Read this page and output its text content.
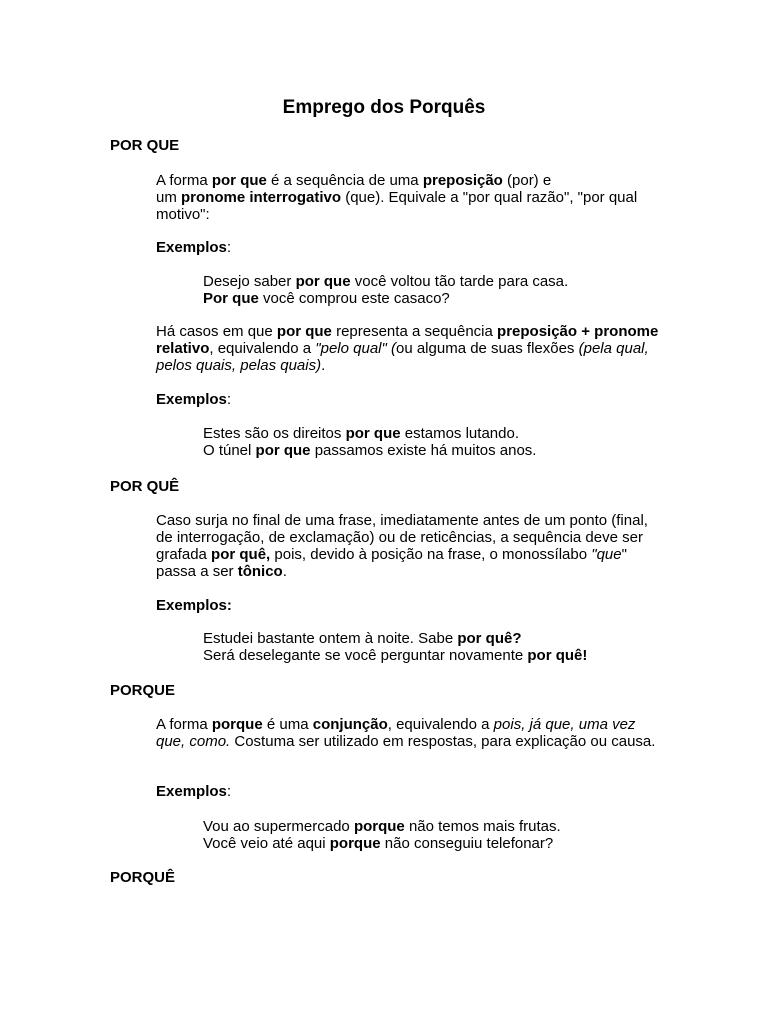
Emprego dos Porquês
POR QUE

A forma por que é a sequência de uma preposição (por) e
um pronome interrogativo (que). Equivale a "por qual razão", "por qual motivo":

Exemplos:
Desejo saber por que você voltou tão tarde para casa.
Por que você comprou este casaco?

Há casos em que por que representa a sequência preposição + pronome relativo, equivalendo a "pelo qual" (ou alguma de suas flexões (pela qual, pelos quais, pelas quais).

Exemplos:
Estes são os direitos por que estamos lutando.
O túnel por que passamos existe há muitos anos.
POR QUÊ

Caso surja no final de uma frase, imediatamente antes de um ponto (final, de interrogação, de exclamação) ou de reticências, a sequência deve ser grafada por quê, pois, devido à posição na frase, o monossílabo "que" passa a ser tônico.

Exemplos:
Estudei bastante ontem à noite. Sabe por quê?
Será deselegante se você perguntar novamente por quê!
PORQUE

A forma porque é uma conjunção, equivalendo a pois, já que, uma vez que, como. Costuma ser utilizado em respostas, para explicação ou causa.

Exemplos:
Vou ao supermercado porque não temos mais frutas.
Você veio até aqui porque não conseguiu telefonar?
PORQUÊ
